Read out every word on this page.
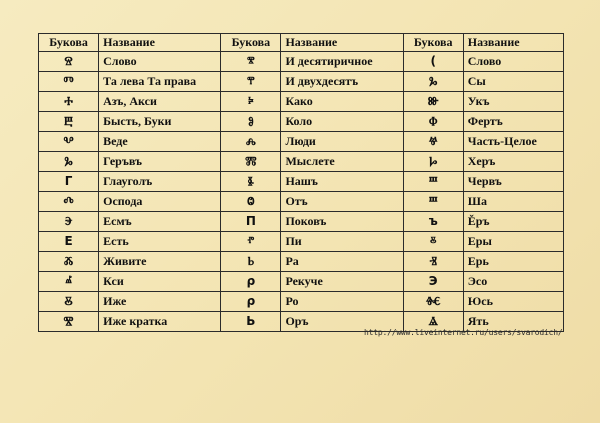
Букова	Название	Букова	Название	Букова	Название
Ⱄ	Слово	ⰺ	И десятиричное	(	Слово
Ⱅ	Та лева Та права	ⰹ	И двухдесятъ	Ⰳ	Сы
Ⰰ	Азъ, Акси	ⰽ	Како	Ⱆ	Укъ
Ⰱ	Бысть, Буки	Ⱁ	Коло	Ⱇ	Фертъ
Ⰲ	Веде	Ⰾ	Люди	Ⱍ	Часть-Целое
Ⰳ	Геръвъ	Ⰿ	Мыслете	Ⱈ	Херъ
Г	Глауголъ	Ⱛ	Нашъ	Ⱎ	Червъ
Ⰴ	Оспода	Ⱉ	Отъ	Ⱎ	Ша
Ⰵ	Есмъ	П	Поковъ	ъ	Ěръ
Е	Есть	ⱂ	Пи	ⰻ	Еры
Ⰶ	Живите	Ⱃ	Ра	Ⱐ	Ерь
ⰼ	Кси	ρ	Рекуче	Э	Эсо
Ⰻ	Иже	ρ	Ро	Ⱙ	Юсь
Ⰺ	Иже кратка	Ь	Оръ	Ⱑ	Ять
http://www.liveinternet.ru/users/svarodich/
